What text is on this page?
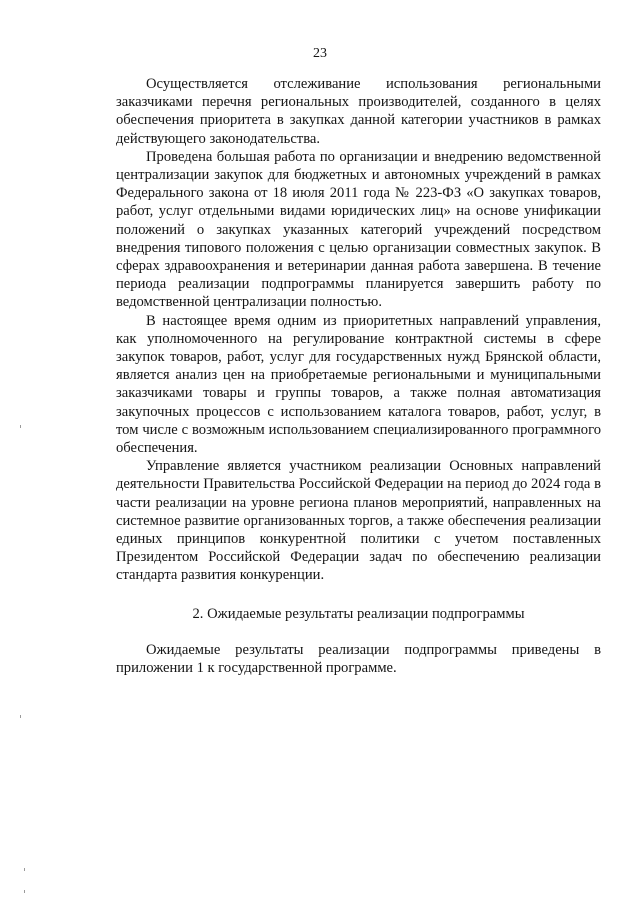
23

Осуществляется отслеживание использования региональными заказчиками перечня региональных производителей, созданного в целях обеспечения приоритета в закупках данной категории участников в рамках действующего законодательства.

Проведена большая работа по организации и внедрению ведомственной централизации закупок для бюджетных и автономных учреждений в рамках Федерального закона от 18 июля 2011 года № 223-ФЗ «О закупках товаров, работ, услуг отдельными видами юридических лиц» на основе унификации положений о закупках указанных категорий учреждений посредством внедрения типового положения с целью организации совместных закупок. В сферах здравоохранения и ветеринарии данная работа завершена. В течение периода реализации подпрограммы планируется завершить работу по ведомственной централизации полностью.

В настоящее время одним из приоритетных направлений управления, как уполномоченного на регулирование контрактной системы в сфере закупок товаров, работ, услуг для государственных нужд Брянской области, является анализ цен на приобретаемые региональными и муниципальными заказчиками товары и группы товаров, а также полная автоматизация закупочных процессов с использованием каталога товаров, работ, услуг, в том числе с возможным использованием специализированного программного обеспечения.

Управление является участником реализации Основных направлений деятельности Правительства Российской Федерации на период до 2024 года в части реализации на уровне региона планов мероприятий, направленных на системное развитие организованных торгов, а также обеспечения реализации единых принципов конкурентной политики с учетом поставленных Президентом Российской Федерации задач по обеспечению реализации стандарта развития конкуренции.

2. Ожидаемые результаты реализации подпрограммы

Ожидаемые результаты реализации подпрограммы приведены в приложении 1 к государственной программе.
